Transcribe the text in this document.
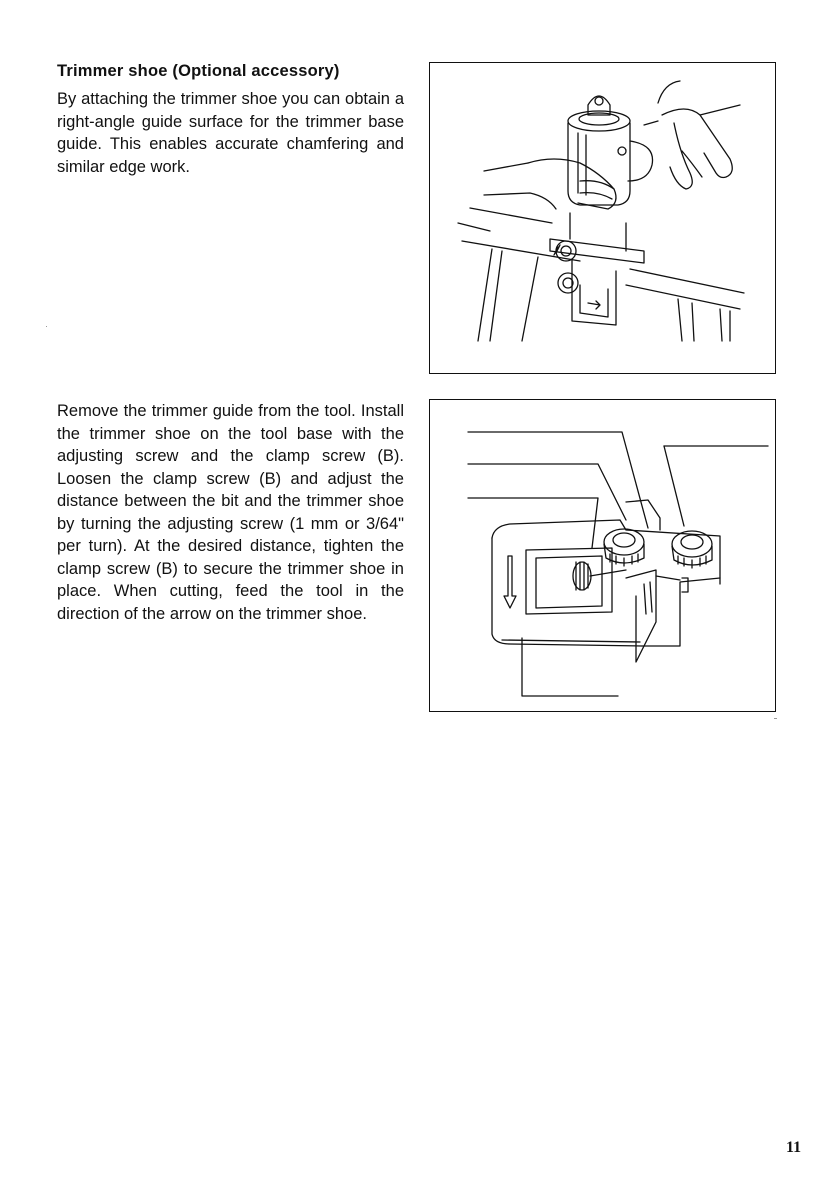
Trimmer shoe (Optional accessory)

By attaching the trimmer shoe you can obtain a right-angle guide surface for the trimmer base guide. This enables accurate chamfering and similar edge work.

Remove the trimmer guide from the tool. Install the trimmer shoe on the tool base with the adjusting screw and the clamp screw (B). Loosen the clamp screw (B) and adjust the distance between the bit and the trimmer shoe by turning the adjusting screw (1 mm or 3/64" per turn). At the desired distance, tighten the clamp screw (B) to secure the trimmer shoe in place. When cutting, feed the tool in the direction of the arrow on the trimmer shoe.

11
